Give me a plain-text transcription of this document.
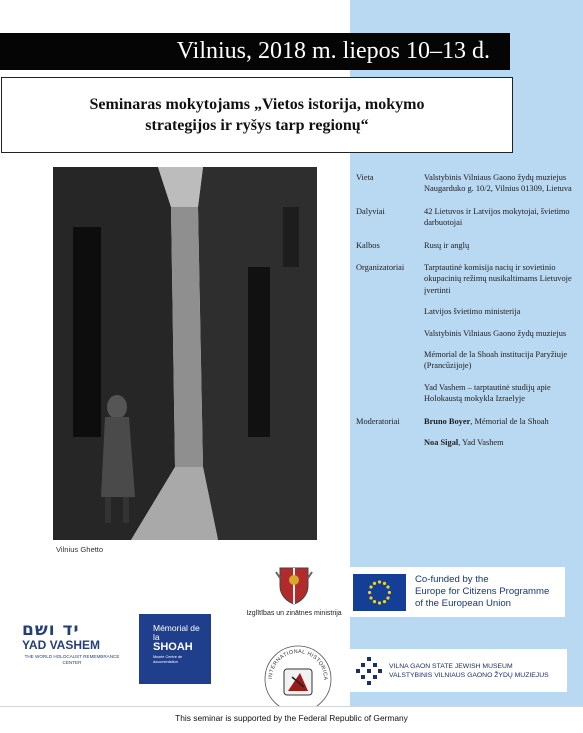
Vilnius, 2018 m. liepos 10–13 d.
Seminaras mokytojams „Vietos istorija, mokymo strategijos ir ryšys tarp regionų“
Vilnius Ghetto
Vieta	Valstybinis Vilniaus Gaono žydų muziejus Naugarduko g. 10/2, Vilnius 01309, Lietuva
Dalyviai	42 Lietuvos ir Latvijos mokytojai, švietimo darbuotojai
Kalbos	Rusų ir anglų
Organizatoriai	Tarptautinė komisija nacių ir sovietinio okupacinių režimų nusikaltimams Lietuvoje įvertinti
Latvijos švietimo ministerija
Valstybinis Vilniaus Gaono žydų muziejus
Mémorial de la Shoah institucija Paryžiuje (Prancūzijoje)
Yad Vashem – tarptautinė studijų apie Holokaustą mokykla Izraelyje
Moderatoriai	Bruno Boyer, Mémorial de la Shoah
Noa Sigal, Yad Vashem
Izglītības un zinātnes ministrija
Co-funded by the
Europe for Citizens Programme
of the European Union
יד ושם
YAD VASHEM
THE WORLD HOLOCAUST REMEMBRANCE CENTER
Mémorial de la
SHOAH
Musée Centre de documentation
INTERNATIONAL HISTORICA
VILNA GAON STATE JEWISH MUSEUM
VALSTYBINIS VILNIAUS GAONO ŽYDŲ MUZIEJUS
This seminar is supported by the Federal Republic of Germany
